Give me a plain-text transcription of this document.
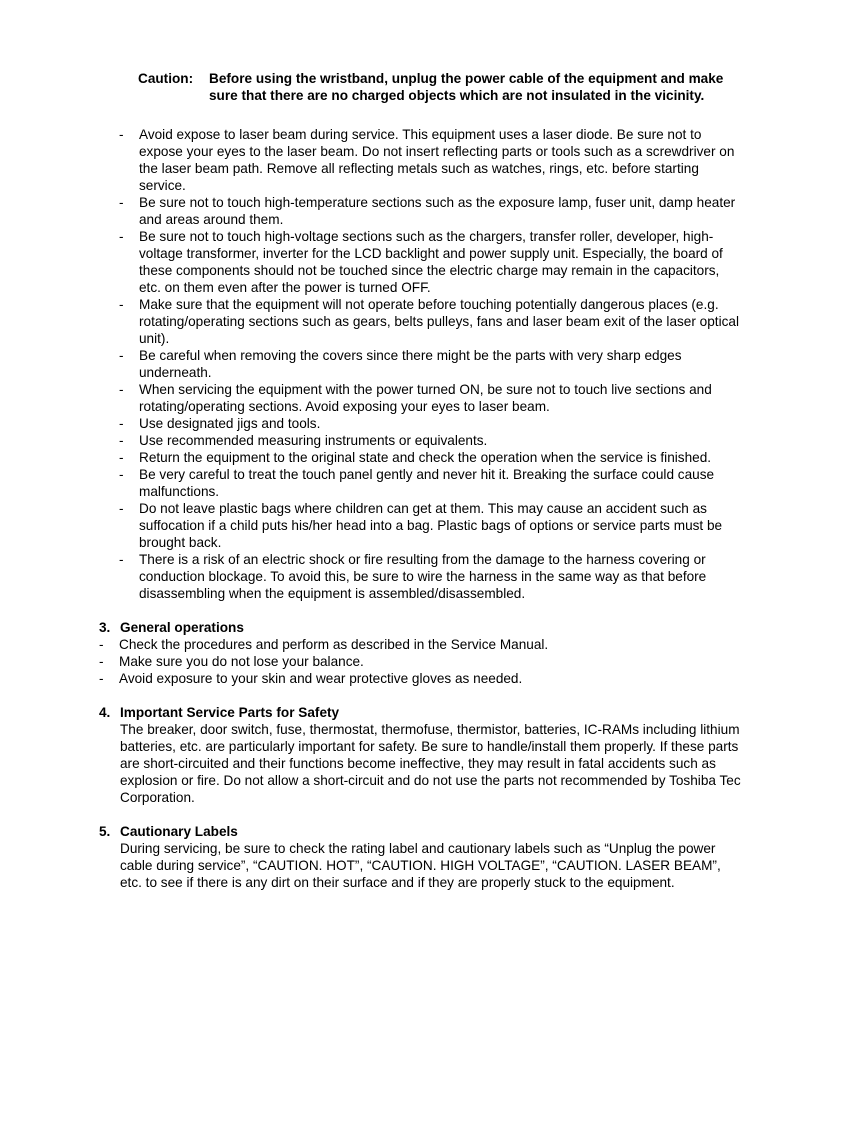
Caution:	Before using the wristband, unplug the power cable of the equipment and make sure that there are no charged objects which are not insulated in the vicinity.
- Avoid expose to laser beam during service. This equipment uses a laser diode. Be sure not to expose your eyes to the laser beam. Do not insert reflecting parts or tools such as a screwdriver on the laser beam path. Remove all reflecting metals such as watches, rings, etc. before starting service.
- Be sure not to touch high-temperature sections such as the exposure lamp, fuser unit, damp heater and areas around them.
- Be sure not to touch high-voltage sections such as the chargers, transfer roller, developer, high-voltage transformer, inverter for the LCD backlight and power supply unit. Especially, the board of these components should not be touched since the electric charge may remain in the capacitors, etc. on them even after the power is turned OFF.
- Make sure that the equipment will not operate before touching potentially dangerous places (e.g. rotating/operating sections such as gears, belts pulleys, fans and laser beam exit of the laser optical unit).
- Be careful when removing the covers since there might be the parts with very sharp edges underneath.
- When servicing the equipment with the power turned ON, be sure not to touch live sections and rotating/operating sections. Avoid exposing your eyes to laser beam.
- Use designated jigs and tools.
- Use recommended measuring instruments or equivalents.
- Return the equipment to the original state and check the operation when the service is finished.
- Be very careful to treat the touch panel gently and never hit it. Breaking the surface could cause malfunctions.
- Do not leave plastic bags where children can get at them. This may cause an accident such as suffocation if a child puts his/her head into a bag. Plastic bags of options or service parts must be brought back.
- There is a risk of an electric shock or fire resulting from the damage to the harness covering or conduction blockage. To avoid this, be sure to wire the harness in the same way as that before disassembling when the equipment is assembled/disassembled.
3. General operations
- Check the procedures and perform as described in the Service Manual.
- Make sure you do not lose your balance.
- Avoid exposure to your skin and wear protective gloves as needed.
4. Important Service Parts for Safety
The breaker, door switch, fuse, thermostat, thermofuse, thermistor, batteries, IC-RAMs including lithium batteries, etc. are particularly important for safety. Be sure to handle/install them properly. If these parts are short-circuited and their functions become ineffective, they may result in fatal accidents such as explosion or fire. Do not allow a short-circuit and do not use the parts not recommended by Toshiba Tec Corporation.
5. Cautionary Labels
During servicing, be sure to check the rating label and cautionary labels such as “Unplug the power cable during service”, “CAUTION. HOT”, “CAUTION. HIGH VOLTAGE”, “CAUTION. LASER BEAM”, etc. to see if there is any dirt on their surface and if they are properly stuck to the equipment.
